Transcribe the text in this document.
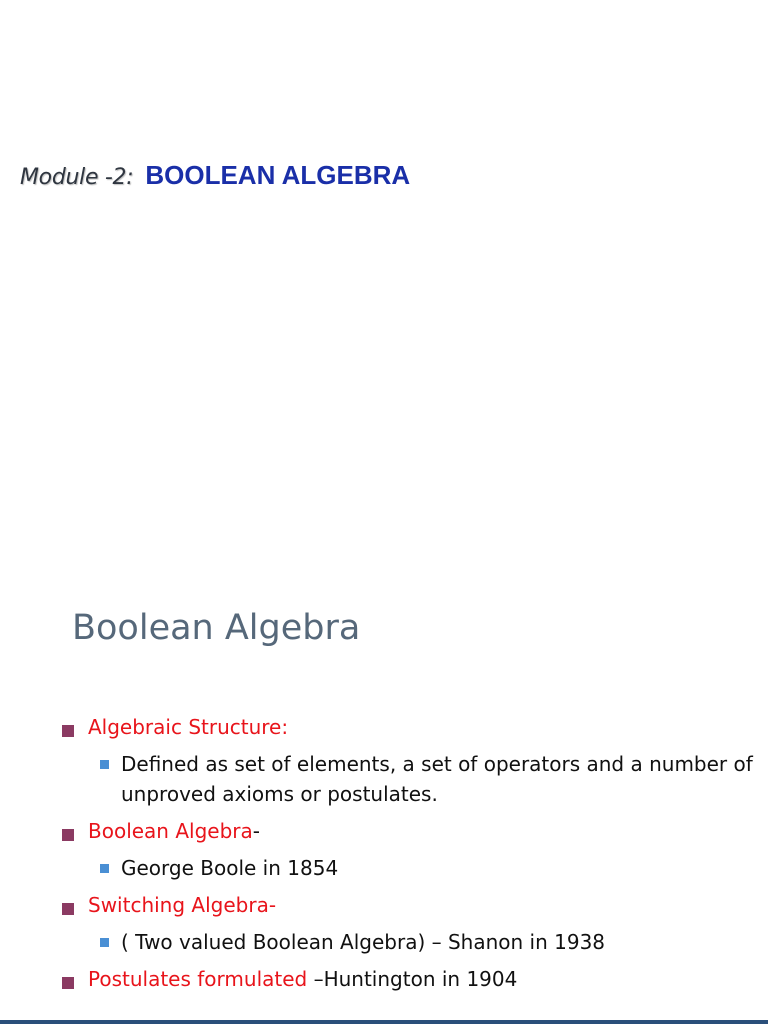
Module -2: BOOLEAN ALGEBRA
Boolean Algebra
Algebraic Structure:
Defined as set of elements, a set of operators and a number of unproved axioms or postulates.
Boolean Algebra-
George Boole in 1854
Switching Algebra-
( Two valued Boolean Algebra) – Shanon in 1938
Postulates formulated –Huntington in 1904
